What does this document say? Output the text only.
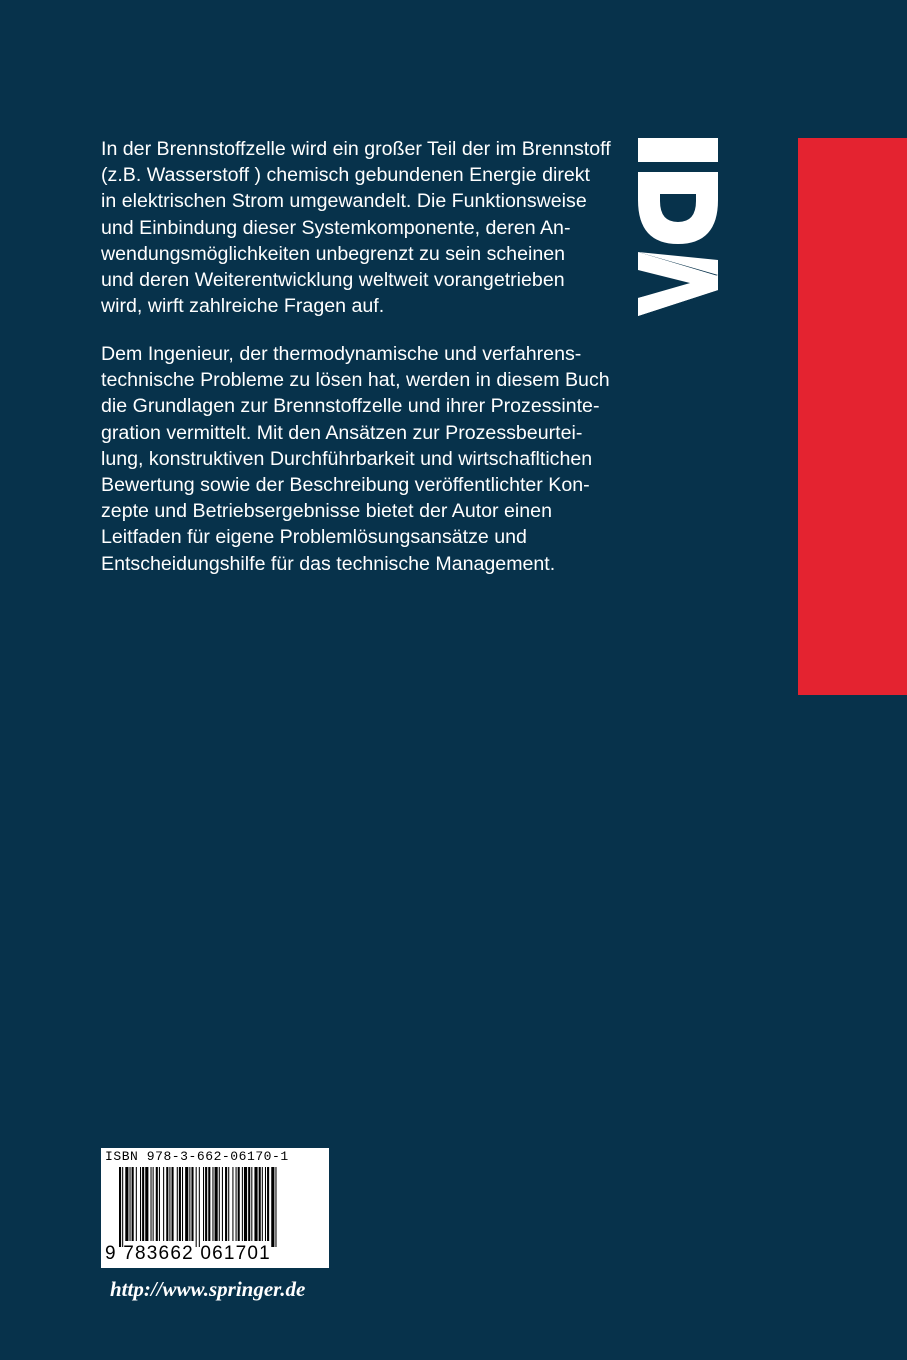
In der Brennstoffzelle wird ein großer Teil der im Brennstoff
(z.B. Wasserstoff ) chemisch gebundenen Energie direkt
in elektrischen Strom umgewandelt. Die Funktionsweise
und Einbindung dieser Systemkomponente, deren An-
wendungsmöglichkeiten unbegrenzt zu sein scheinen
und deren Weiterentwicklung weltweit vorangetrieben
wird, wirft zahlreiche Fragen auf.
Dem Ingenieur, der thermodynamische und verfahrens-
technische Probleme zu lösen hat, werden in diesem Buch
die Grundlagen zur Brennstoffzelle und ihrer Prozessinte-
gration vermittelt. Mit den Ansätzen zur Prozessbeurtei-
lung, konstruktiven Durchführbarkeit und wirtschafltichen
Bewertung sowie der Beschreibung veröffentlichter Kon-
zepte und Betriebsergebnisse bietet der Autor einen
Leitfaden für eigene Problemlösungsansätze und
Entscheidungshilfe für das technische Management.
ISBN 978-3-662-06170-1
9 783662 061701
http://www.springer.de
